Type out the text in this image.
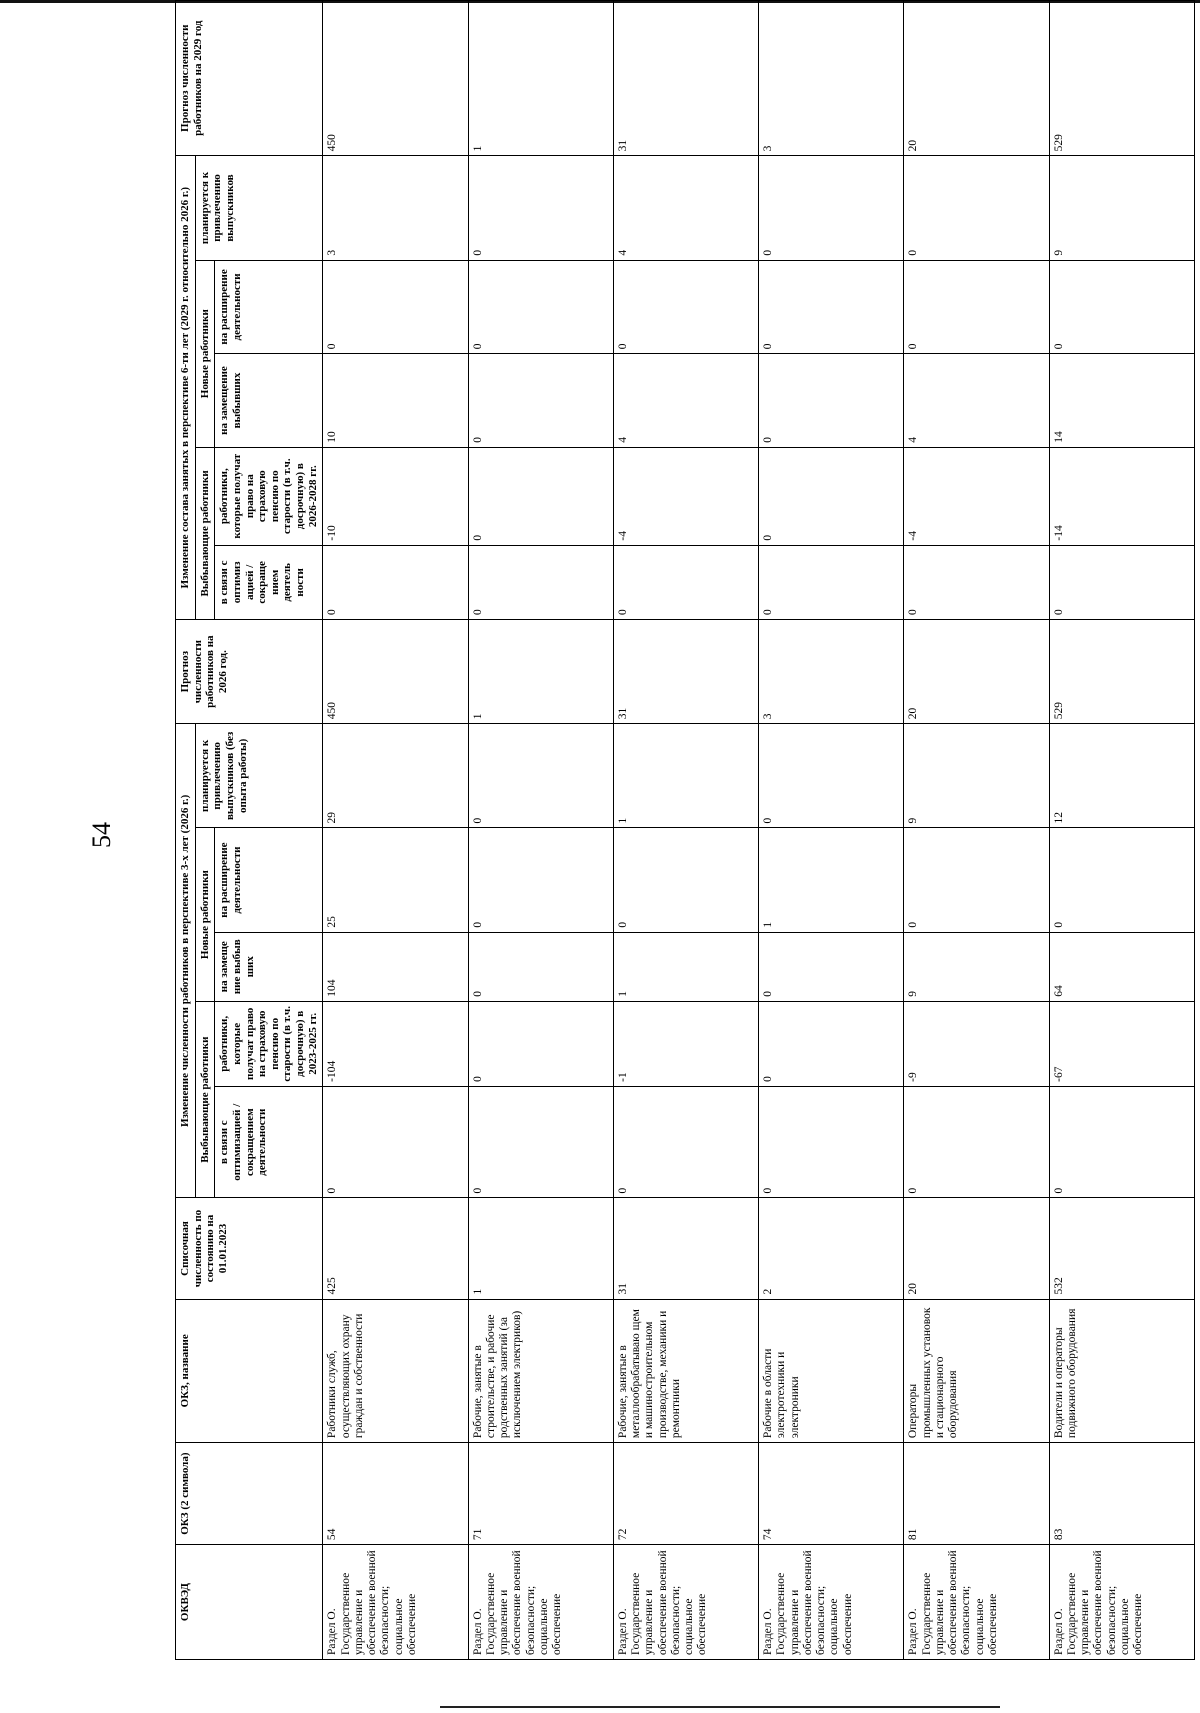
54
ОКВЭД	ОКЗ (2 символа)	ОКЗ, название	Списочная численность по состоянию на 01.01.2023	Изменение численности работников в перспективе 3-х лет (2026 г.)					Прогноз численности работников на 2026 год.	Изменение состава занятых в перспективе 6-ти лет (2029 г. относительно 2026 г.)					Прогноз численности работников на 2029 год
				Выбывающие работники		Новые работники		планируется к привлечению выпускников (без опыта работы)		Выбывающие работники		Новые работники		планируется к привлечению выпускников	
				в связи с оптимизацией / сокращением деятельности	работники, которые получат право на страховую пенсию по старости (в т.ч. досрочную) в 2023-2025 гг.	на замеще ние выбыв ших	на расширение деятельности			в связи с оптимиз ацией / сокраще нием деятель ности	работники, которые получат право на страховую пенсию по старости (в т.ч. досрочную) в 2026-2028 гг.	на замещение выбывших	на расширение деятельности		
Раздел О. Государственное управление и обеспечение военной безопасности; социальное обеспечение	54	Работники служб, осуществляющих охрану граждан и собственности	425	0	-104	104	25	29	450	0	-10	10	0	3	450
Раздел О. Государственное управление и обеспечение военной безопасности; социальное обеспечение	71	Рабочие, занятые в строительстве, и рабочие родственных занятий (за исключением электриков)	1	0	0	0	0	0	1	0	0	0	0	0	1
Раздел О. Государственное управление и обеспечение военной безопасности; социальное обеспечение	72	Рабочие, занятые в металлообрабатываю щем и машиностроительном производстве, механики и ремонтники	31	0	-1	1	0	1	31	0	-4	4	0	4	31
Раздел О. Государственное управление и обеспечение военной безопасности; социальное обеспечение	74	Рабочие в области электротехники и электроники	2	0	0	0	1	0	3	0	0	0	0	0	3
Раздел О. Государственное управление и обеспечение военной безопасности; социальное обеспечение	81	Операторы промышленных установок и стационарного оборудования	20	0	-9	9	0	9	20	0	-4	4	0	0	20
Раздел О. Государственное управление и обеспечение военной безопасности; социальное обеспечение	83	Водители и операторы подвижного оборудования	532	0	-67	64	0	12	529	0	-14	14	0	9	529
